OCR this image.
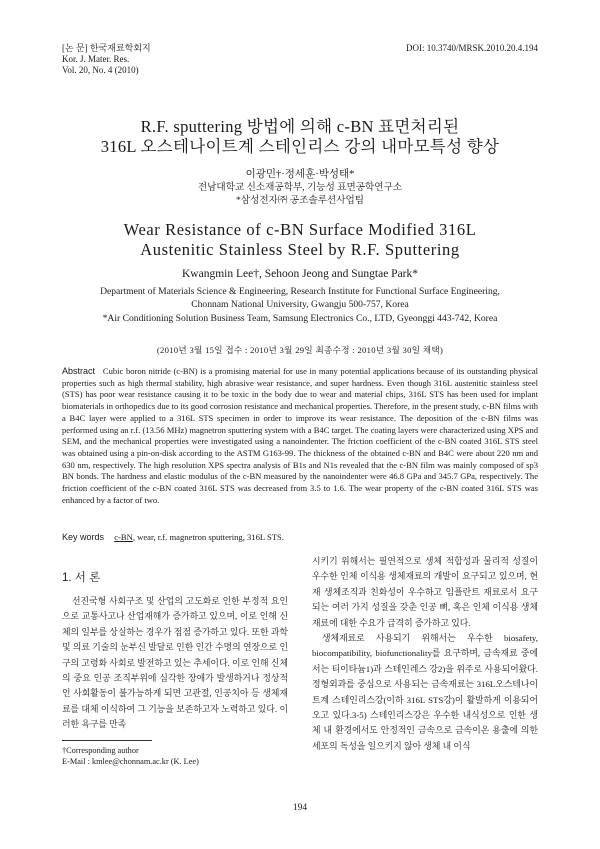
[논 문] 한국재료학회지
Kor. J. Mater. Res.
Vol. 20, No. 4 (2010)
DOI: 10.3740/MRSK.2010.20.4.194
R.F. sputtering 방법에 의해 c-BN 표면처리된
316L 오스테나이트계 스테인리스 강의 내마모특성 향상
이광민†·정세훈·박성태*
전남대학교 신소재공학부, 기능성 표면공학연구소
*삼성전자㈜ 공조솔루션사업팀
Wear Resistance of c-BN Surface Modified 316L
Austenitic Stainless Steel by R.F. Sputtering
Kwangmin Lee†, Sehoon Jeong and Sungtae Park*
Department of Materials Science & Engineering, Research Institute for Functional Surface Engineering,
Chonnam National University, Gwangju 500-757, Korea
*Air Conditioning Solution Business Team, Samsung Electronics Co., LTD, Gyeonggi 443-742, Korea
(2010년 3월 15일 접수 : 2010년 3월 29일 최종수정 : 2010년 3월 30일 채택)
Abstract Cubic boron nitride (c-BN) is a promising material for use in many potential applications because of its outstanding physical properties such as high thermal stability, high abrasive wear resistance, and super hardness. Even though 316L austenitic stainless steel (STS) has poor wear resistance causing it to be toxic in the body due to wear and material chips, 316L STS has been used for implant biomaterials in orthopedics due to its good corrosion resistance and mechanical properties. Therefore, in the present study, c-BN films with a B4C layer were applied to a 316L STS specimen in order to improve its wear resistance. The deposition of the c-BN films was performed using an r.f. (13.56 MHz) magnetron sputtering system with a B4C target. The coating layers were characterized using XPS and SEM, and the mechanical properties were investigated using a nanoindenter. The friction coefficient of the c-BN coated 316L STS steel was obtained using a pin-on-disk according to the ASTM G163-99. The thickness of the obtained c-BN and B4C were about 220 nm and 630 nm, respectively. The high resolution XPS spectra analysis of B1s and N1s revealed that the c-BN film was mainly composed of sp3 BN bonds. The hardness and elastic modulus of the c-BN measured by the nanoindenter were 46.8 GPa and 345.7 GPa, respectively. The friction coefficient of the c-BN coated 316L STS was decreased from 3.5 to 1.6. The wear property of the c-BN coated 316L STS was enhanced by a factor of two.
Key words c-BN, wear, r.f. magnetron sputtering, 316L STS.
1. 서 론

선진국형 사회구조 및 산업의 고도화로 인한 부정적 요인으로 교통사고나 산업재해가 증가하고 있으며, 이로 인해 신체의 일부를 상실하는 경우가 점점 증가하고 있다. 또한 과학 및 의료 기술의 눈부신 발달로 인한 인간 수명의 연장으로 인구의 고령화 사회로 발전하고 있는 추세이다. 이로 인해 신체의 중요 인공 조직부위에 심각한 장애가 발생하거나 정상적인 사회활동이 불가능하게 되면 고관절, 인공치아 등 생체재료를 대체 이식하여 그 기능을 보존하고자 노력하고 있다. 이러한 욕구를 만족

시키기 위해서는 필연적으로 생체 적합성과 물리적 성질이 우수한 인체 이식용 생체재료의 개발이 요구되고 있으며, 현재 생체조직과 친화성이 우수하고 임플란트 재료로서 요구되는 여러 가지 성질을 갖춘 인공 뼈, 혹은 인체 이식용 생체재료에 대한 수요가 급격히 증가하고 있다.

생체재료로 사용되기 위해서는 우수한 biosafety, biocompatibility, biofunctionality를 요구하며, 금속재료 중에서는 티이타늄1)과 스테인레스 강2)을 위주로 사용되어왔다. 정형외과를 중심으로 사용되는 금속재료는 316L오스테나이트계 스테인리스강(이하 316L STS강)이 활발하게 이용되어 오고 있다.3-5) 스테인리스강은 우수한 내식성으로 인한 생체 내 환경에서도 안정적인 금속으로 금속이온 용출에 의한 세포의 독성을 일으키지 않아 생체 내 이식

†Corresponding author
E-Mail : kmlee@chonnam.ac.kr (K. Lee)
194
